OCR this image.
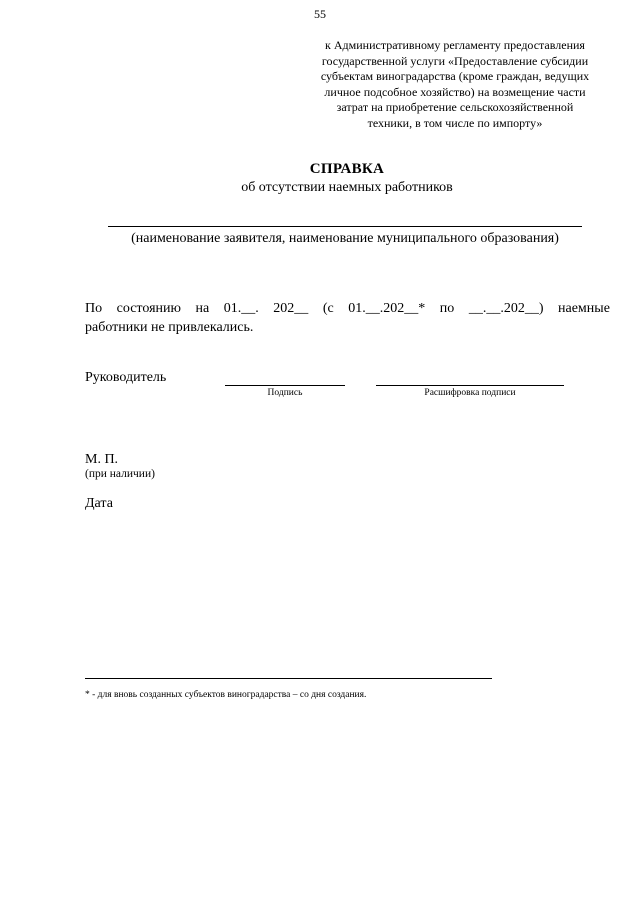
55
к Административному регламенту предоставления
государственной услуги «Предоставление субсидии
субъектам виноградарства (кроме граждан, ведущих
личное подсобное хозяйство) на возмещение части
затрат на приобретение сельскохозяйственной
техники, в том числе по импорту»
СПРАВКА
об отсутствии наемных работников
(наименование заявителя, наименование муниципального образования)
По состоянию на 01.__. 202__ (с 01.__.202__* по __.__.202__) наемные
работники не привлекались.
Руководитель
Подпись	Расшифровка подписи
М. П.
(при наличии)
Дата
* - для вновь созданных субъектов виноградарства – со дня создания.
